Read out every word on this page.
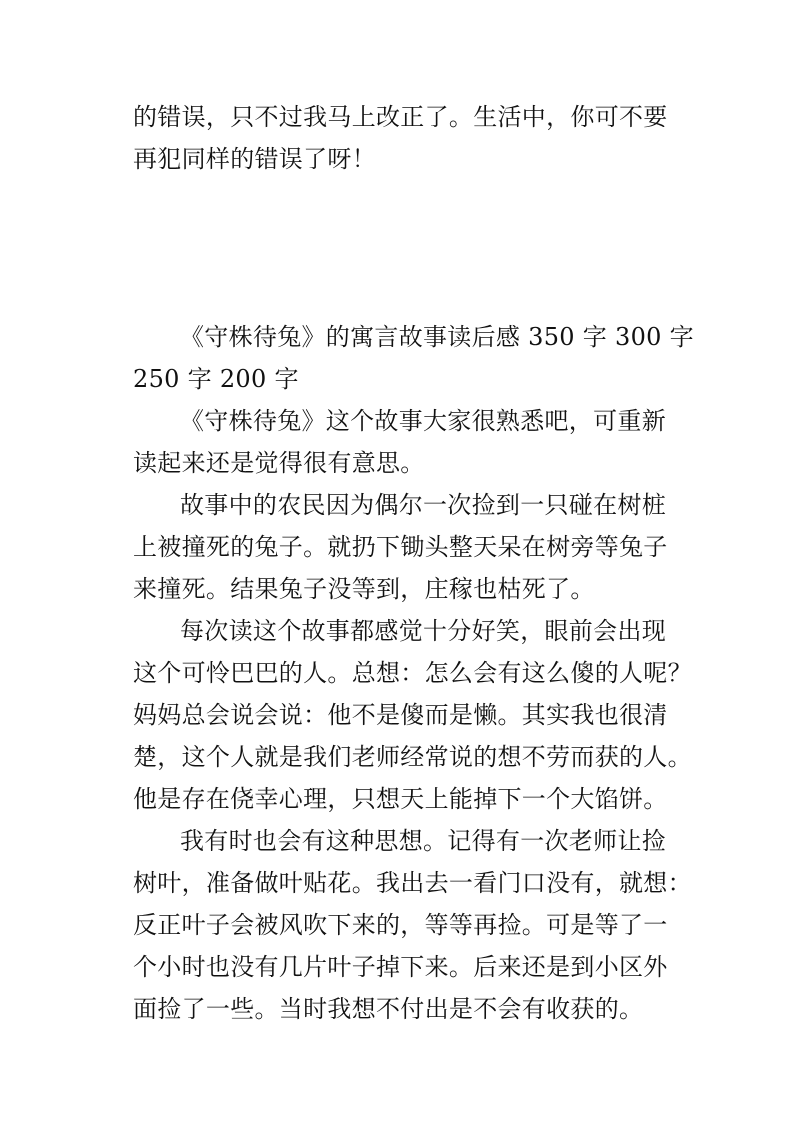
的错误，只不过我马上改正了。生活中，你可不要
再犯同样的错误了呀！
《守株待兔》的寓言故事读后感 350 字 300 字
250 字 200 字
《守株待兔》这个故事大家很熟悉吧，可重新
读起来还是觉得很有意思。
故事中的农民因为偶尔一次捡到一只碰在树桩
上被撞死的兔子。就扔下锄头整天呆在树旁等兔子
来撞死。结果兔子没等到，庄稼也枯死了。
每次读这个故事都感觉十分好笑，眼前会出现
这个可怜巴巴的人。总想：怎么会有这么傻的人呢？
妈妈总会说会说：他不是傻而是懒。其实我也很清
楚，这个人就是我们老师经常说的想不劳而获的人。
他是存在侥幸心理，只想天上能掉下一个大馅饼。
我有时也会有这种思想。记得有一次老师让捡
树叶，准备做叶贴花。我出去一看门口没有，就想：
反正叶子会被风吹下来的，等等再捡。可是等了一
个小时也没有几片叶子掉下来。后来还是到小区外
面捡了一些。当时我想不付出是不会有收获的。
